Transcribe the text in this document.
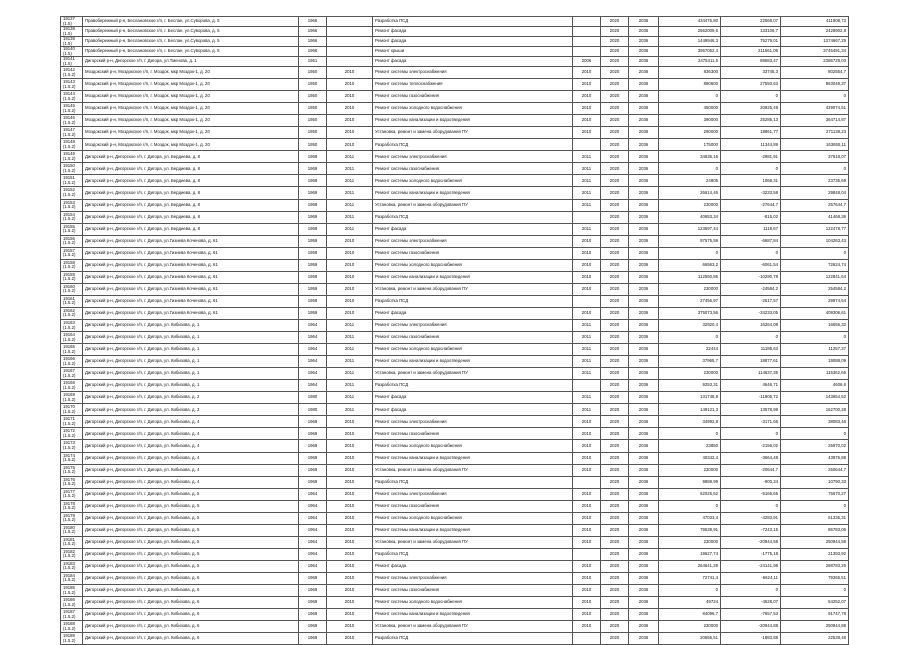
19137 (1.5)	Правобережный р-н, Беслановское г/п, г. Беслан, ул.Суворова, д. 5	1966		Разработка ПСД		2020	2036	434476,80	22568,07	411908,73
19138 (1.5)	Правобережный р-н, Беслановское г/п, г. Беслан, ул.Суворова, д. 5	1966		Ремонт фасада		2020	2036	2562009,5	133106,7	2428902,8
19139 (1.5)	Правобережный р-н, Беслановское г/п, г. Беслан, ул.Суворова, д. 5	1966		Ремонт фасада		2020	2036	1449946,3	75279,01	1374667,29
19140 (1.5)	Правобережный р-н, Беслановское г/п, г. Беслан, ул.Суворова, д. 5	1966		Ремонт крыши		2020	2036	3957052,4	211561,06	3745491,34
19141 (1.5)	Дигорский р-н, Дигорское г/п, г. Дигора, ул.Тменова, д. 1	1961		Ремонт фасада	2006	2020	2036	2475411,5	88683,47	2386728,03
19142 (1.5.2)	Моздокский р-н, Моздокское г/п, г. Моздок, мкр Моздок-1, д. 20	1950	2010	Ремонт системы электроснабжения	2010	2020	2036	836300	33745,3	802554,7
19143 (1.5.2)	Моздокский р-н, Моздокское г/п, г. Моздок, мкр Моздок-1, д. 20	1950	2010	Ремонт системы теплоснабжения	2010	2020	2036	890600	27550,63	863049,37
19144 (1.5.2)	Моздокский р-н, Моздокское г/п, г. Моздок, мкр Моздок-1, д. 20	1950	2010	Ремонт системы газоснабжения	2010	2020	2036	0	0	0
19145 (1.5.2)	Моздокский р-н, Моздокское г/п, г. Моздок, мкр Моздок-1, д. 20	1950	2010	Ремонт системы холодного водоснабжения	2010	2020	2036	450000	20925,49	429074,51
19146 (1.5.2)	Моздокский р-н, Моздокское г/п, г. Моздок, мкр Моздок-1, д. 20	1950	2010	Ремонт системы канализации и водоотведения	2010	2020	2036	390000	25285,13	364714,87
19147 (1.5.2)	Моздокский р-н, Моздокское г/п, г. Моздок, мкр Моздок-1, д. 20	1950	2010	Установка, ремонт и замена оборудования ПУ	2010	2020	2036	290000	18861,77	271138,23
19148 (1.5.2)	Моздокский р-н, Моздокское г/п, г. Моздок, мкр Моздок-1, д. 20	1950	2010	Разработка ПСД		2020	2036	175000	11344,89	163655,11
19149 (1.5.2)	Дигорский р-н, Дигорское г/п, г. Дигора, ул. Бердиева, д. 8	1969	2011	Ремонт системы электроснабжения	2011	2020	2036	34636,16	-2981,91	37618,07
19150 (1.5.2)	Дигорский р-н, Дигорское г/п, г. Дигора, ул. Бердиева, д. 8	1969	2011	Ремонт системы газоснабжения	2011	2020	2036	0	0	0
19151 (1.5.2)	Дигорский р-н, Дигорское г/п, г. Дигора, ул. Бердиева, д. 8	1969	2011	Ремонт системы холодного водоснабжения	2011	2020	2036	24805	1069,31	23735,69
19152 (1.5.2)	Дигорский р-н, Дигорское г/п, г. Дигора, ул. Бердиева, д. 8	1969	2011	Ремонт системы канализации и водоотведения	2011	2020	2036	26614,46	-3233,58	29848,04
19153 (1.5.2)	Дигорский р-н, Дигорское г/п, г. Дигора, ул. Бердиева, д. 8	1969	2011	Установка, ремонт и замена оборудования ПУ	2011	2020	2036	230000	-27644,7	257644,7
19154 (1.5.2)	Дигорский р-н, Дигорское г/п, г. Дигора, ул. Бердиева, д. 8	1969	2011	Разработка ПСД		2020	2036	40653,34	-815,02	41468,36
19155 (1.5.2)	Дигорский р-н, Дигорское г/п, г. Дигора, ул. Бердиева, д. 8	1969	2011	Ремонт фасада	2011	2020	2036	123597,44	1118,67	122478,77
19156 (1.5.2)	Дигорский р-н, Дигорское г/п, г. Дигора, ул.Гизиева Коченова, д. 61	1959	2010	Ремонт системы электроснабжения	2010	2020	2036	97575,59	-6687,84	104263,43
19157 (1.5.2)	Дигорский р-н, Дигорское г/п, г. Дигора, ул.Гизиева Коченова, д. 61	1959	2010	Ремонт системы газоснабжения	2010	2020	2036	0	0	0
19158 (1.5.2)	Дигорский р-н, Дигорское г/п, г. Дигора, ул.Гизиева Коченова, д. 61	1959	2010	Ремонт системы холодного водоснабжения	2010	2020	2036	66563,2	-6061,54	72624,74
19159 (1.5.2)	Дигорский р-н, Дигорское г/п, г. Дигора, ул.Гизиева Коченова, д. 61	1959	2010	Ремонт системы канализации и водоотведения	2010	2020	2036	112550,86	-10290,78	122841,64
19160 (1.5.2)	Дигорский р-н, Дигорское г/п, г. Дигора, ул.Гизиева Коченова, д. 61	1959	2010	Установка, ремонт и замена оборудования ПУ	2010	2020	2036	230000	-24584,2	254584,2
19161 (1.5.2)	Дигорский р-н, Дигорское г/п, г. Дигора, ул.Гизиева Коченова, д. 61	1959	2010	Разработка ПСД		2020	2036	27456,97	-2517,57	29974,54
19162 (1.5.2)	Дигорский р-н, Дигорское г/п, г. Дигора, ул.Гизиева Коченова, д. 61	1959	2010	Ремонт фасада	2010	2020	2036	375073,56	-34233,05	409306,61
19163 (1.5.2)	Дигорский р-н, Дигорское г/п, г. Дигора, ул. Кибизова, д. 1	1964	2011	Ремонт системы электроснабжения	2011	2020	2036	32920,4	16264,08	16656,32
19164 (1.5.2)	Дигорский р-н, Дигорское г/п, г. Дигора, ул. Кибизова, д. 1	1964	2011	Ремонт системы газоснабжения	2011	2020	2036	0	0	0
19165 (1.5.2)	Дигорский р-н, Дигорское г/п, г. Дигора, ул. Кибизова, д. 1	1964	2011	Ремонт системы холодного водоснабжения	2011	2020	2036	22444	11186,63	11257,37
19166 (1.5.2)	Дигорский р-н, Дигорское г/п, г. Дигора, ул. Кибизова, д. 1	1964	2011	Ремонт системы канализации и водоотведения	2011	2020	2036	37965,7	18877,61	19088,09
19167 (1.5.2)	Дигорский р-н, Дигорское г/п, г. Дигора, ул. Кибизова, д. 1	1964	2011	Установка, ремонт и замена оборудования ПУ	2011	2020	2036	230000	114637,35	115362,65
19168 (1.5.2)	Дигорский р-н, Дигорское г/п, г. Дигора, ул. Кибизова, д. 1	1964	2011	Разработка ПСД		2020	2036	9253,31	4646,71	4606,6
19169 (1.5.2)	Дигорский р-н, Дигорское г/п, г. Дигора, ул. Кибизова, д. 2	1980	2011	Ремонт фасада	2011	2020	2036	131748,8	-11905,72	143654,52
19170 (1.5.2)	Дигорский р-н, Дигорское г/п, г. Дигора, ул. Кибизова, д. 3	1980	2011	Ремонт фасада	2011	2020	2036	149121,3	13578,98	162700,28
19171 (1.5.2)	Дигорский р-н, Дигорское г/п, г. Дигора, ул. Кибизова, д. 4	1969	2010	Ремонт системы электроснабжения	2010	2020	2036	34992,8	-3171,66	38083,46
19172 (1.5.2)	Дигорский р-н, Дигорское г/п, г. Дигора, ул. Кибизова, д. 4	1969	2010	Ремонт системы газоснабжения	2010	2020	2036	0	0	0
19173 (1.5.2)	Дигорский р-н, Дигорское г/п, г. Дигора, ул. Кибизова, д. 4	1969	2010	Ремонт системы холодного водоснабжения	2010	2020	2036	23850	-2156,02	25970,02
19174 (1.5.2)	Дигорский р-н, Дигорское г/п, г. Дигора, ул. Кибизова, д. 4	1969	2010	Ремонт системы канализации и водоотведения	2010	2020	2036	40342,4	-3664,48	43976,88
19175 (1.5.2)	Дигорский р-н, Дигорское г/п, г. Дигора, ул. Кибизова, д. 4	1969	2010	Установка, ремонт и замена оборудования ПУ	2010	2020	2036	230000	-20644,7	250644,7
19176 (1.5.2)	Дигорский р-н, Дигорское г/п, г. Дигора, ул. Кибизова, д. 4	1969	2010	Разработка ПСД		2020	2036	9889,99	-900,34	10790,33
19177 (1.5.2)	Дигорский р-н, Дигорское г/п, г. Дигора, ул. Кибизова, д. 5	1964	2010	Ремонт системы электроснабжения	2010	2020	2036	62025,62	-5165,65	75670,27
19178 (1.5.2)	Дигорский р-н, Дигорское г/п, г. Дигора, ул. Кибизова, д. 5	1964	2010	Ремонт системы газоснабжения	2010	2020	2036	0	0	0
19179 (1.5.2)	Дигорский р-н, Дигорское г/п, г. Дигора, ул. Кибизова, д. 5	1964	2010	Ремонт системы холодного водоснабжения	2010	2020	2036	47033,4	-4283,91	51336,31
19180 (1.5.2)	Дигорский р-н, Дигорское г/п, г. Дигора, ул. Кибизова, д. 5	1964	2010	Ремонт системы канализации и водоотведения	2010	2020	2036	79539,91	-7243,15	86783,06
19181 (1.5.2)	Дигорский р-н, Дигорское г/п, г. Дигора, ул. Кибизова, д. 5	1964	2010	Установка, ремонт и замена оборудования ПУ	2010	2020	2036	230000	-20944,58	250944,58
19182 (1.5.2)	Дигорский р-н, Дигорское г/п, г. Дигора, ул. Кибизова, д. 5	1964	2010	Разработка ПСД		2020	2036	19627,74	-1775,18	21393,92
19183 (1.5.2)	Дигорский р-н, Дигорское г/п, г. Дигора, ул. Кибизова, д. 5	1964	2010	Ремонт фасада	2010	2020	2036	264641,28	-24141,98	288783,26
19184 (1.5.2)	Дигорский р-н, Дигорское г/п, г. Дигора, ул. Кибизова, д. 6	1969	2010	Ремонт системы электроснабжения	2010	2020	2036	72741,4	-6624,11	79365,51
19185 (1.5.2)	Дигорский р-н, Дигорское г/п, г. Дигора, ул. Кибизова, д. 6	1969	2010	Ремонт системы газоснабжения	2010	2020	2036	0	0	0
19186 (1.5.2)	Дигорский р-н, Дигорское г/п, г. Дигора, ул. Кибизова, д. 6	1969	2010	Ремонт системы холодного водоснабжения	2010	2020	2036	49724	-4528,07	54252,07
19187 (1.5.2)	Дигорский р-н, Дигорское г/п, г. Дигора, ул. Кибизова, д. 6	1969	2010	Ремонт системы канализации и водоотведения	2010	2020	2036	84096,7	-7657,53	91747,78
19188 (1.5.2)	Дигорский р-н, Дигорское г/п, г. Дигора, ул. Кибизова, д. 6	1969	2010	Установка, ремонт и замена оборудования ПУ	2010	2020	2036	230000	-20944,88	250944,88
19189 (1.5.2)	Дигорский р-н, Дигорское г/п, г. Дигора, ул. Кибизова, д. 6	1969	2010	Разработка ПСД		2020	2036	20655,51	-1883,88	22538,48
